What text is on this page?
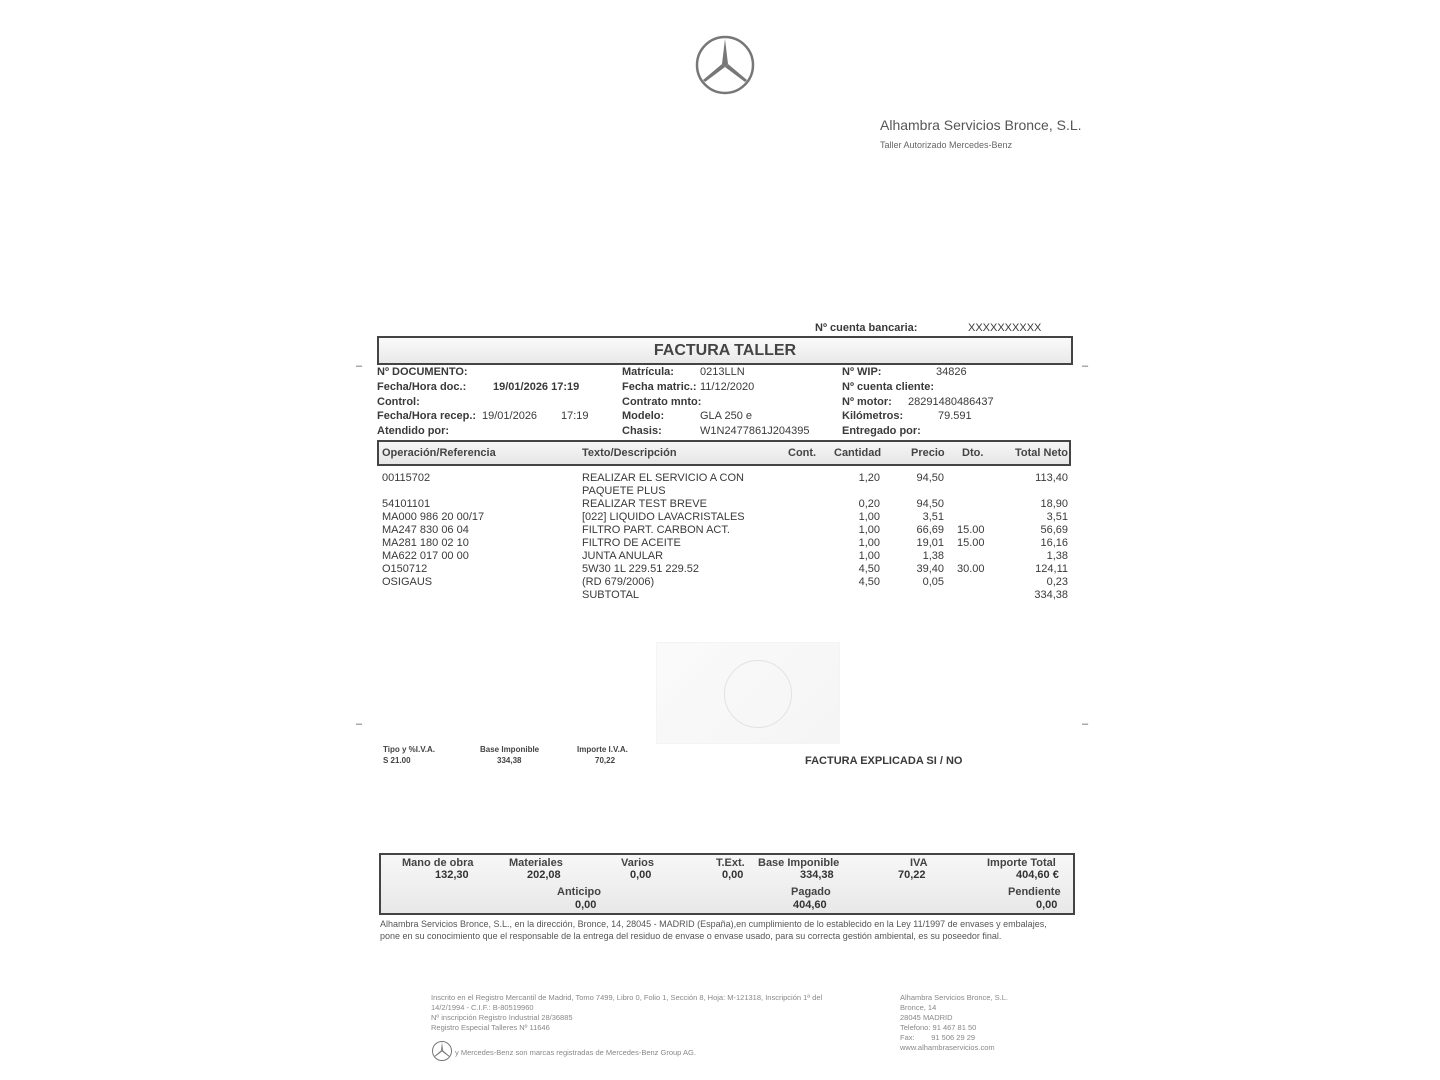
Alhambra Servicios Bronce, S.L.
Taller Autorizado Mercedes-Benz
Nº cuenta bancaria:	XXXXXXXXXX
FACTURA TALLER
–	–
–	–
Nº DOCUMENTO:
Fecha/Hora doc.: 19/01/2026 17:19
Control:
Fecha/Hora recep.: 19/01/2026 17:19
Atendido por:
Matrícula: 0213LLN
Fecha matric.: 11/12/2020
Contrato mnto:
Modelo:	GLA 250 e
Chasis:	W1N2477861J204395
Nº WIP:	34826
Nº cuenta cliente:
Nº motor: 28291480486437
Kilómetros:	79.591
Entregado por:
Operación/Referencia	Texto/Descripción	Cont. Cantidad	Precio Dto.	Total Neto
00115702	REALIZAR EL SERVICIO A CON	1,20	94,50	113,40
PAQUETE PLUS
54101101	REALIZAR TEST BREVE	0,20	94,50	18,90
MA000 986 20 00/17	[022] LIQUIDO LAVACRISTALES	1,00	3,51	3,51
MA247 830 06 04	FILTRO PART. CARBON ACT.	1,00	66,69 15.00	56,69
MA281 180 02 10	FILTRO DE ACEITE	1,00	19,01 15.00	16,16
MA622 017 00 00	JUNTA ANULAR	1,00	1,38	1,38
O150712	5W30 1L 229.51 229.52	4,50	39,40 30.00	124,11
OSIGAUS	(RD 679/2006)	4,50	0,05	0,23
SUBTOTAL	334,38
Tipo y %I.V.A.
S 21.00
Base Imponible
334,38
Importe I.V.A.
70,22	FACTURA EXPLICADA SI / NO
Mano de obra
132,30
Materiales
202,08
Varios
0,00
T.Ext.
0,00
Base Imponible
334,38
IVA
70,22
Importe Total
404,60 €
Anticipo
0,00
Pagado
404,60
Pendiente
0,00
Alhambra Servicios Bronce, S.L., en la dirección, Bronce, 14, 28045 - MADRID (España),en cumplimiento de lo establecido en la Ley 11/1997 de envases y embalajes,
pone en su conocimiento que el responsable de la entrega del residuo de envase o envase usado, para su correcta gestión ambiental, es su poseedor final.
Inscrito en el Registro Mercantil de Madrid, Tomo 7499, Libro 0, Folio 1, Sección 8, Hoja: M-121318, Inscripción 1ª del
14/2/1994 - C.I.F.: B-80519960
Nº inscripción Registro Industrial 28/36885
Registro Especial Talleres Nº 11646
y Mercedes-Benz son marcas registradas de Mercedes-Benz Group AG.
Alhambra Servicios Bronce, S.L.
Bronce, 14
28045 MADRID
Telefono: 91 467 81 50
Fax:        91 506 29 29
www.alhambraservicios.com
